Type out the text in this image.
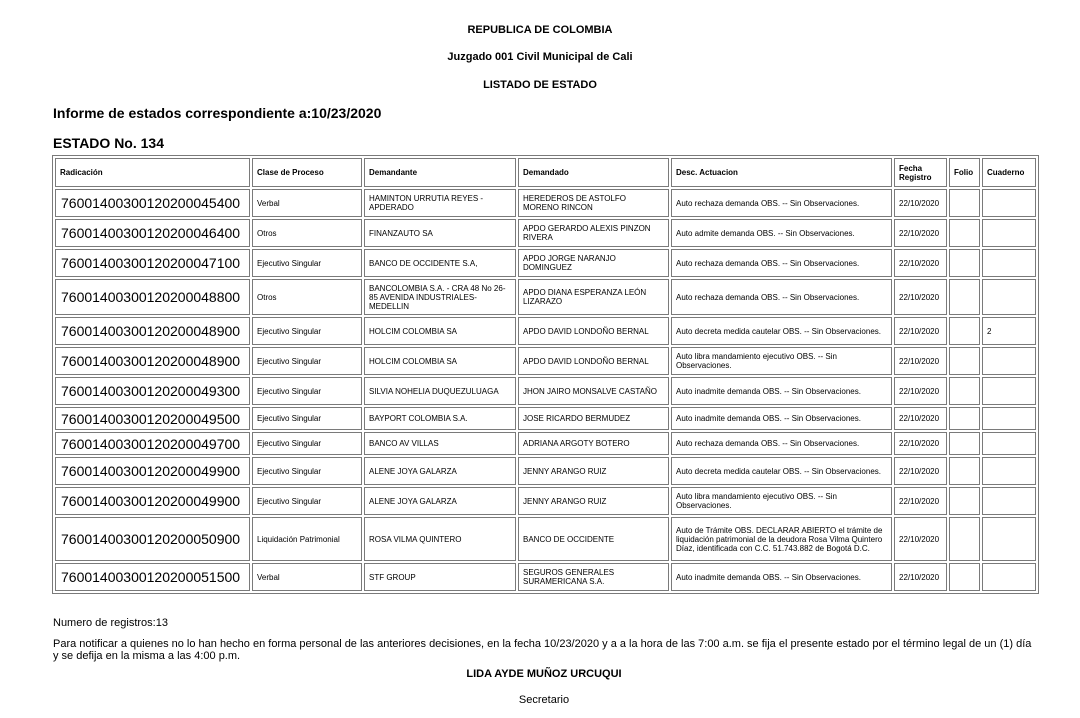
REPUBLICA DE COLOMBIA
Juzgado 001 Civil Municipal de Cali
LISTADO DE ESTADO
Informe de estados correspondiente a:10/23/2020
ESTADO No. 134
Radicación	Clase de Proceso	Demandante	Demandado	Desc. Actuacion	Fecha Registro	Folio	Cuaderno
76001400300120200045400	Verbal	HAMINTON URRUTIA REYES - APDERADO	HEREDEROS DE ASTOLFO MORENO RINCON	Auto rechaza demanda OBS. -- Sin Observaciones.	22/10/2020		
76001400300120200046400	Otros	FINANZAUTO SA	APDO GERARDO ALEXIS PINZON RIVERA	Auto admite demanda OBS. -- Sin Observaciones.	22/10/2020		
76001400300120200047100	Ejecutivo Singular	BANCO DE OCCIDENTE S.A,	APDO JORGE NARANJO DOMINGUEZ	Auto rechaza demanda OBS. -- Sin Observaciones.	22/10/2020		
76001400300120200048800	Otros	BANCOLOMBIA S.A. - CRA 48 No 26-85 AVENIDA INDUSTRIALES-MEDELLIN	APDO DIANA ESPERANZA LEÓN LIZARAZO	Auto rechaza demanda OBS. -- Sin Observaciones.	22/10/2020		
76001400300120200048900	Ejecutivo Singular	HOLCIM COLOMBIA SA	APDO DAVID LONDOÑO BERNAL	Auto decreta medida cautelar OBS. -- Sin Observaciones.	22/10/2020		2
76001400300120200048900	Ejecutivo Singular	HOLCIM COLOMBIA SA	APDO DAVID LONDOÑO BERNAL	Auto libra mandamiento ejecutivo OBS. -- Sin Observaciones.	22/10/2020		
76001400300120200049300	Ejecutivo Singular	SILVIA NOHELIA DUQUEZULUAGA	JHON JAIRO MONSALVE CASTAÑO	Auto inadmite demanda OBS. -- Sin Observaciones.	22/10/2020		
76001400300120200049500	Ejecutivo Singular	BAYPORT COLOMBIA S.A.	JOSE RICARDO BERMUDEZ	Auto inadmite demanda OBS. -- Sin Observaciones.	22/10/2020		
76001400300120200049700	Ejecutivo Singular	BANCO AV VILLAS	ADRIANA ARGOTY BOTERO	Auto rechaza demanda OBS. -- Sin Observaciones.	22/10/2020		
76001400300120200049900	Ejecutivo Singular	ALENE JOYA GALARZA	JENNY ARANGO RUIZ	Auto decreta medida cautelar OBS. -- Sin Observaciones.	22/10/2020		
76001400300120200049900	Ejecutivo Singular	ALENE JOYA GALARZA	JENNY ARANGO RUIZ	Auto libra mandamiento ejecutivo OBS. -- Sin Observaciones.	22/10/2020		
76001400300120200050900	Liquidación Patrimonial	ROSA VILMA QUINTERO	BANCO DE OCCIDENTE	Auto de Trámite OBS. DECLARAR ABIERTO el trámite de liquidación patrimonial de la deudora Rosa Vilma Quintero Díaz, identificada con C.C. 51.743.882 de Bogotá D.C.	22/10/2020		
76001400300120200051500	Verbal	STF GROUP	SEGUROS GENERALES SURAMERICANA S.A.	Auto inadmite demanda OBS. -- Sin Observaciones.	22/10/2020		
Numero de registros:13
Para notificar a quienes no lo han hecho en forma personal de las anteriores decisiones, en la fecha 10/23/2020 y a a la hora de las 7:00 a.m. se fija el presente estado por el término legal de un (1) día y se defija en la misma a las 4:00 p.m.
LIDA AYDE MUÑOZ URCUQUI
Secretario
